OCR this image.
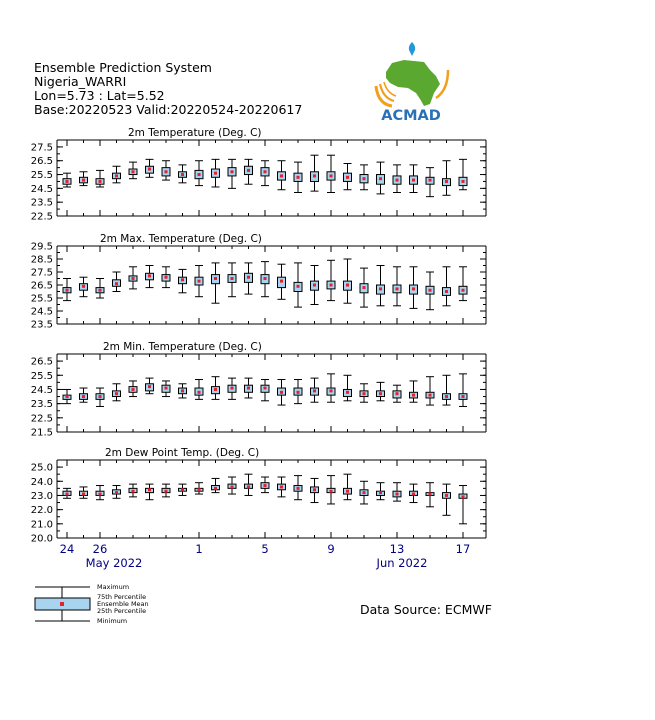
Ensemble Prediction System
Nigeria_WARRI
Lon=5.73 : Lat=5.52
Base:20220523 Valid:20220524-20220617	ACMAD
2m Temperature (Deg. C)
22.5
23.5
24.5
25.5
26.5
27.5
2m Max. Temperature (Deg. C)
23.5
24.5
25.5
26.5
27.5
28.5
29.5
2m Min. Temperature (Deg. C)
21.5
22.5
23.5
24.5
25.5
26.5
2m Dew Point Temp. (Deg. C)
20.0
21.0
22.0
23.0
24.0
25.0
24 26	1	5	9	13	17
May 2022	Jun 2022
Maximum
75th Percentile
Ensemble Mean
25th Percentile
Minimum
Data Source: ECMWF
